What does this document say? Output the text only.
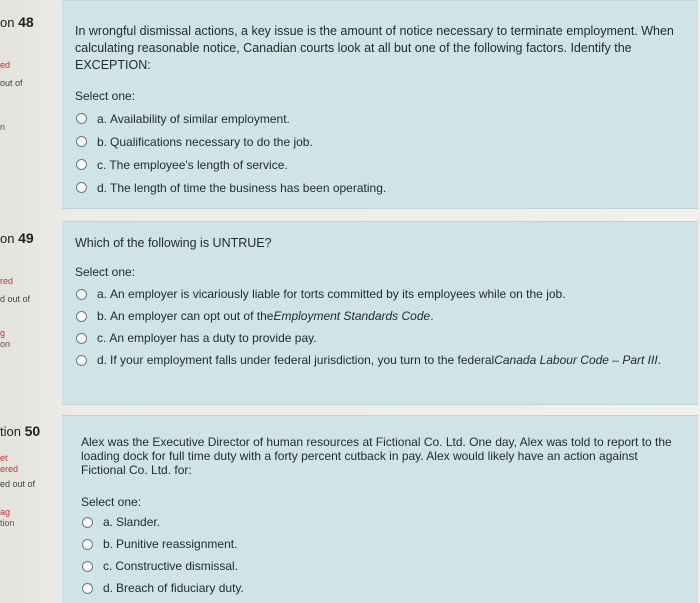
on 48
ed
out of
n
In wrongful dismissal actions, a key issue is the amount of notice necessary to terminate employment. When calculating reasonable notice, Canadian courts look at all but one of the following factors. Identify the EXCEPTION:
Select one:
a. Availability of similar employment.
b. Qualifications necessary to do the job.
c. The employee's length of service.
d. The length of time the business has been operating.
on 49
red
d out of
g
on
Which of the following is UNTRUE?
Select one:
a. An employer is vicariously liable for torts committed by its employees while on the job.
b. An employer can opt out of the Employment Standards Code .
c. An employer has a duty to provide pay.
d. If your employment falls under federal jurisdiction, you turn to the federal Canada Labour Code – Part III .
tion 50
et
ered
ed out of
ag
tion
Alex was the Executive Director of human resources at Fictional Co. Ltd. One day, Alex was told to report to the loading dock for full time duty with a forty percent cutback in pay. Alex would likely have an action against Fictional Co. Ltd. for:
Select one:
a. Slander.
b. Punitive reassignment.
c. Constructive dismissal.
d. Breach of fiduciary duty.
